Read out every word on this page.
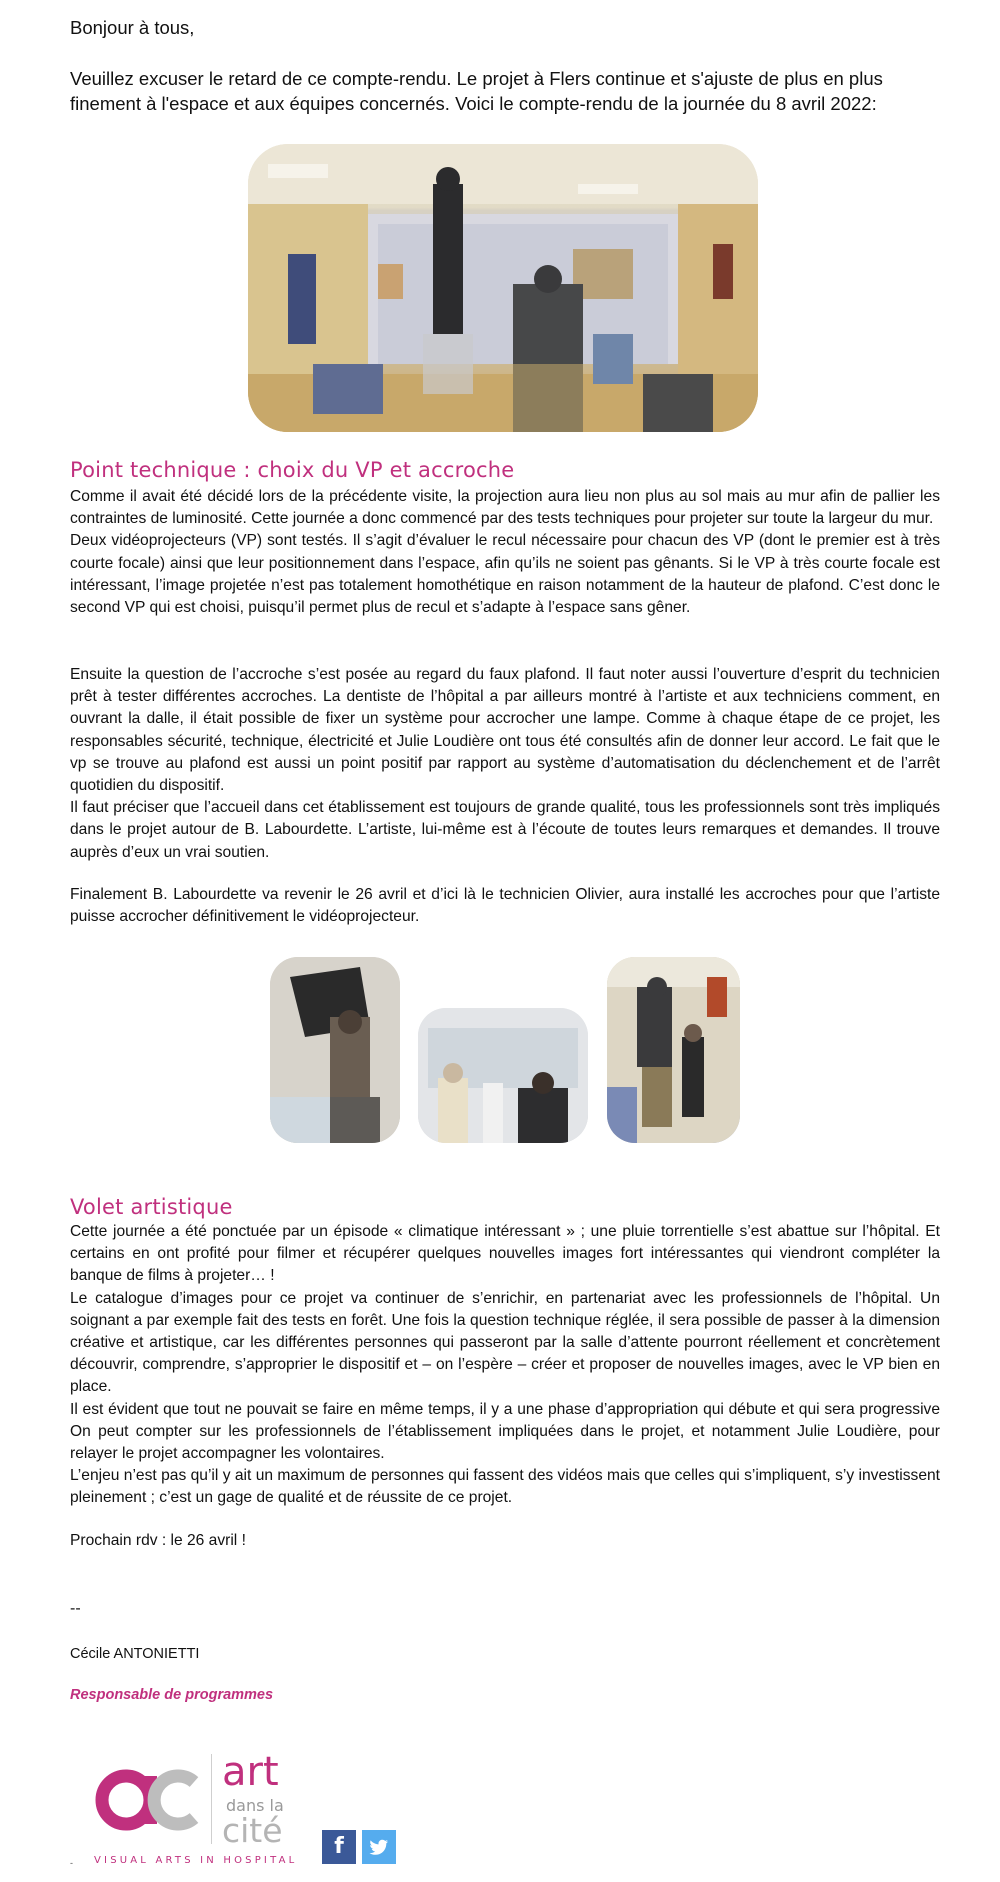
Bonjour à tous,
Veuillez excuser le retard de ce compte-rendu. Le projet à Flers continue et s'ajuste de plus en plus finement à l'espace et aux équipes concernés. Voici le compte-rendu de la journée du 8 avril 2022:
Point technique : choix du VP et accroche
Comme il avait été décidé lors de la précédente visite, la projection aura lieu non plus au sol mais au mur afin de pallier les contraintes de luminosité. Cette journée a donc commencé par des tests techniques pour projeter sur toute la largeur du mur.
Deux vidéoprojecteurs (VP) sont testés. Il s’agit d’évaluer le recul nécessaire pour chacun des VP (dont le premier est à très courte focale) ainsi que leur positionnement dans l’espace, afin qu’ils ne soient pas gênants. Si le VP à très courte focale est intéressant, l’image projetée n’est pas totalement homothétique en raison notamment de la hauteur de plafond. C’est donc le second VP qui est choisi, puisqu’il permet plus de recul et s’adapte à l’espace sans gêner.
Ensuite la question de l’accroche s’est posée au regard du faux plafond. Il faut noter aussi l’ouverture d’esprit du technicien prêt à tester différentes accroches. La dentiste de l’hôpital a par ailleurs montré à l’artiste et aux techniciens comment, en ouvrant la dalle, il était possible de fixer un système pour accrocher une lampe. Comme à chaque étape de ce projet, les responsables sécurité, technique, électricité et Julie Loudière ont tous été consultés afin de donner leur accord. Le fait que le vp se trouve au plafond est aussi un point positif par rapport au système d’automatisation du déclenchement et de l’arrêt quotidien du dispositif.
Il faut préciser que l’accueil dans cet établissement est toujours de grande qualité, tous les professionnels sont très impliqués dans le projet autour de B. Labourdette. L’artiste, lui-même est à l’écoute de toutes leurs remarques et demandes. Il trouve auprès d’eux un vrai soutien.
Finalement B. Labourdette va revenir le 26 avril et d’ici là le technicien Olivier, aura installé les accroches pour que l’artiste puisse accrocher définitivement le vidéoprojecteur.
Volet artistique
Cette journée a été ponctuée par un épisode « climatique intéressant » ; une pluie torrentielle s’est abattue sur l’hôpital. Et certains en ont profité pour filmer et récupérer quelques nouvelles images fort intéressantes qui viendront compléter la banque de films à projeter… !
Le catalogue d’images pour ce projet va continuer de s’enrichir, en partenariat avec les professionnels de l’hôpital. Un soignant a par exemple fait des tests en forêt. Une fois la question technique réglée, il sera possible de passer à la dimension créative et artistique, car les différentes personnes qui passeront par la salle d’attente pourront réellement et concrètement découvrir, comprendre, s’approprier le dispositif et – on l’espère – créer et proposer de nouvelles images, avec le VP bien en place.
Il est évident que tout ne pouvait se faire en même temps, il y a une phase d’appropriation qui débute et qui sera progressive On peut compter sur les professionnels de l’établissement impliquées dans le projet, et notamment Julie Loudière, pour relayer le projet accompagner les volontaires.
L’enjeu n’est pas qu’il y ait un maximum de personnes qui fassent des vidéos mais que celles qui s’impliquent, s’y investissent pleinement ; c’est un gage de qualité et de réussite de ce projet.
Prochain rdv : le 26 avril !
--
Cécile ANTONIETTI
Responsable de programmes
art
dans la
cité
VISUAL ARTS IN HOSPITAL
f
-
